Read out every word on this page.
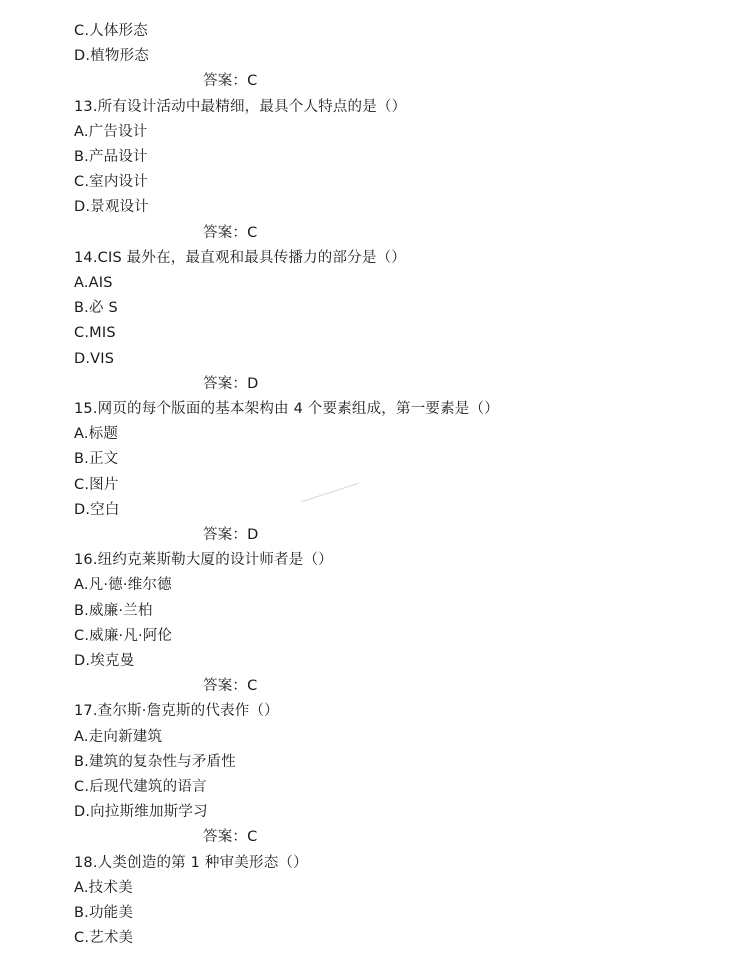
C.人体形态
D.植物形态
答案：C
13.所有设计活动中最精细，最具个人特点的是（）
A.广告设计
B.产品设计
C.室内设计
D.景观设计
答案：C
14.CIS 最外在，最直观和最具传播力的部分是（）
A.AIS
B.必 S
C.MIS
D.VIS
答案：D
15.网页的每个版面的基本架构由 4 个要素组成，第一要素是（）
A.标题
B.正文
C.图片
D.空白
答案：D
16.纽约克莱斯勒大厦的设计师者是（）
A.凡·德·维尔德
B.威廉·兰柏
C.威廉·凡·阿伦
D.埃克曼
答案：C
17.查尔斯·詹克斯的代表作（）
A.走向新建筑
B.建筑的复杂性与矛盾性
C.后现代建筑的语言
D.向拉斯维加斯学习
答案：C
18.人类创造的第 1 种审美形态（）
A.技术美
B.功能美
C.艺术美
